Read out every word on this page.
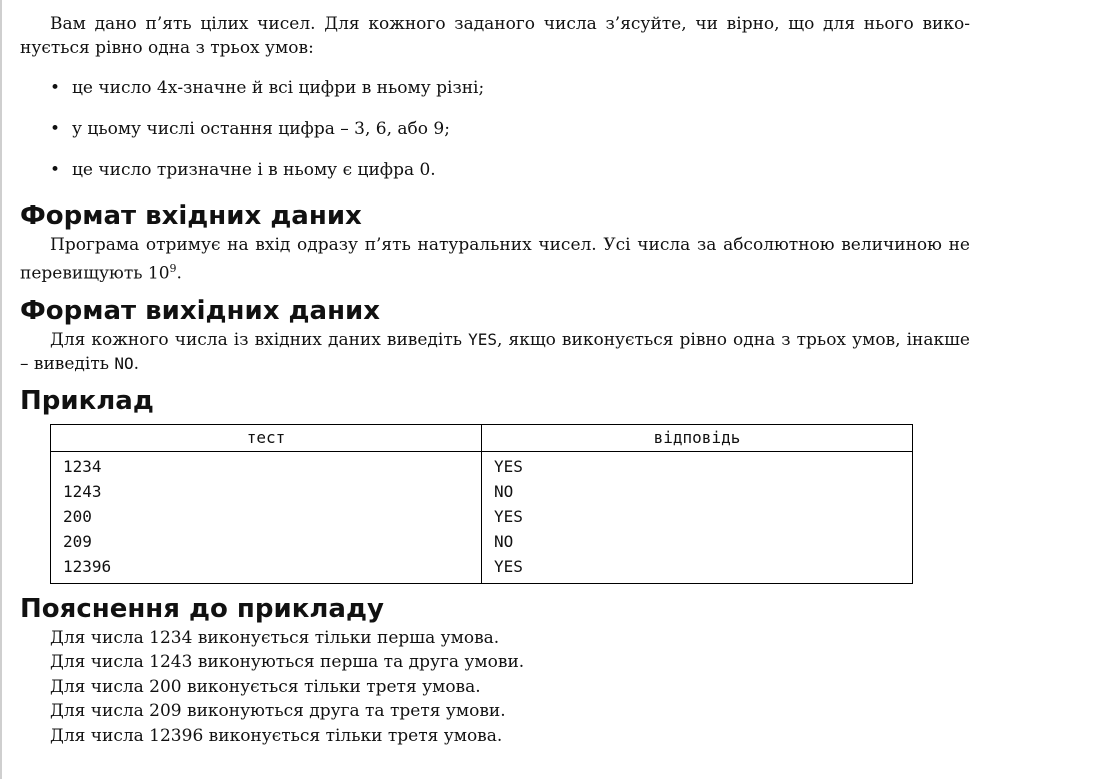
Вам дано п’ять цілих чисел. Для кожного заданого числа з’ясуйте, чи вірно, що для нього вико-нується рівно одна з трьох умов:

• це число 4х-значне й всі цифри в ньому різні;
• у цьому числі остання цифра – 3, 6, або 9;
• це число тризначне і в ньому є цифра 0.
Формат вхідних даних

Програма отримує на вхід одразу п’ять натуральних чисел. Усі числа за абсолютною величиною не перевищують $10^9$.

Формат вихідних даних

Для кожного числа із вхідних даних виведіть YES, якщо виконується рівно одна з трьох умов, інакше – виведіть NO.

Приклад
тест	відповідь
1234	YES
1243	NO
200	YES
209	NO
12396	YES
Пояснення до прикладу

Для числа 1234 виконується тільки перша умова.

Для числа 1243 виконуються перша та друга умови.

Для числа 200 виконується тільки третя умова.

Для числа 209 виконуються друга та третя умови.

Для числа 12396 виконується тільки третя умова.
